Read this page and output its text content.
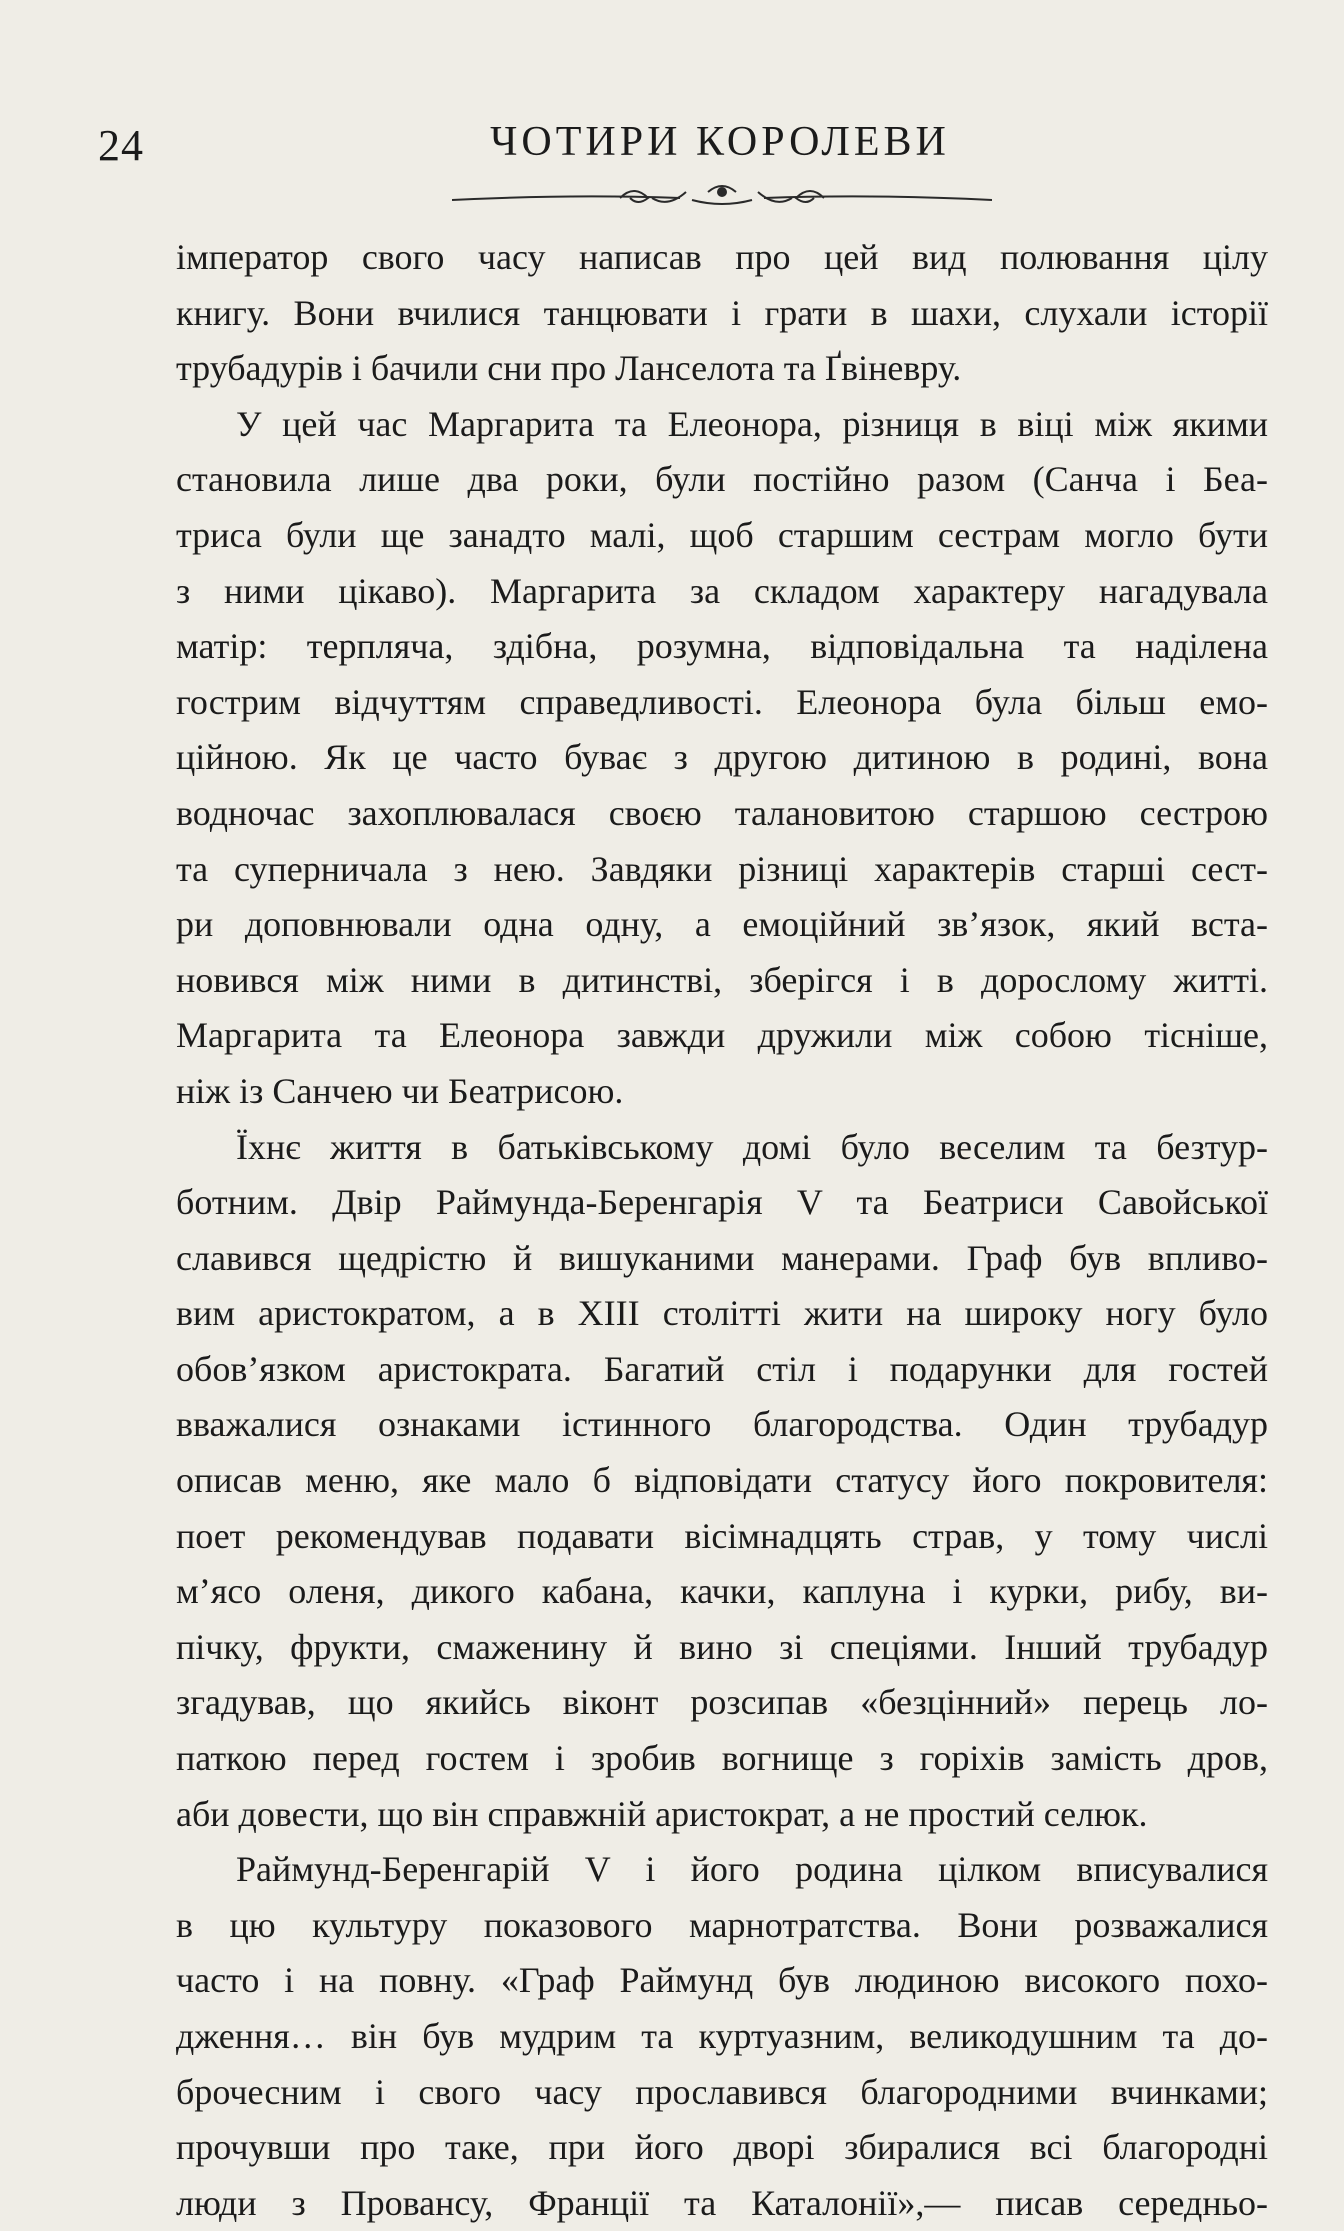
24	ЧОТИРИ КОРОЛЕВИ
імператор свого часу написав про цей вид полювання цілу
книгу. Вони вчилися танцювати і грати в шахи, слухали історії
трубадурів і бачили сни про Ланселота та Ґвіневру.
У цей час Маргарита та Елеонора, різниця в віці між якими
становила лише два роки, були постійно разом (Санча і Беа-
триса були ще занадто малі, щоб старшим сестрам могло бути
з ними цікаво). Маргарита за складом характеру нагадувала
матір: терпляча, здібна, розумна, відповідальна та наділена
гострим відчуттям справедливості. Елеонора була більш емо-
ційною. Як це часто буває з другою дитиною в родині, вона
водночас захоплювалася своєю талановитою старшою сестрою
та суперничала з нею. Завдяки різниці характерів старші сест-
ри доповнювали одна одну, а емоційний зв’язок, який вста-
новився між ними в дитинстві, зберігся і в дорослому житті.
Маргарита та Елеонора завжди дружили між собою тісніше,
ніж із Санчею чи Беатрисою.
Їхнє життя в батьківському домі було веселим та безтур-
ботним. Двір Раймунда-Беренгарія V та Беатриси Савойської
славився щедрістю й вишуканими манерами. Граф був впливо-
вим аристократом, а в XIII столітті жити на широку ногу було
обов’язком аристократа. Багатий стіл і подарунки для гостей
вважалися ознаками істинного благородства. Один трубадур
описав меню, яке мало б відповідати статусу його покровителя:
поет рекомендував подавати вісімнадцять страв, у тому числі
м’ясо оленя, дикого кабана, качки, каплуна і курки, рибу, ви-
пічку, фрукти, смаженину й вино зі спеціями. Інший трубадур
згадував, що якийсь віконт розсипав «безцінний» перець ло-
паткою перед гостем і зробив вогнище з горіхів замість дров,
аби довести, що він справжній аристократ, а не простий селюк.
Раймунд-Беренгарій V і його родина цілком вписувалися
в цю культуру показового марнотратства. Вони розважалися
часто і на повну. «Граф Раймунд був людиною високого похо-
дження… він був мудрим та куртуазним, великодушним та до-
брочесним і свого часу прославився благородними вчинками;
прочувши про таке, при його дворі збиралися всі благородні
люди з Провансу, Франції та Каталонії»,— писав середньо-
